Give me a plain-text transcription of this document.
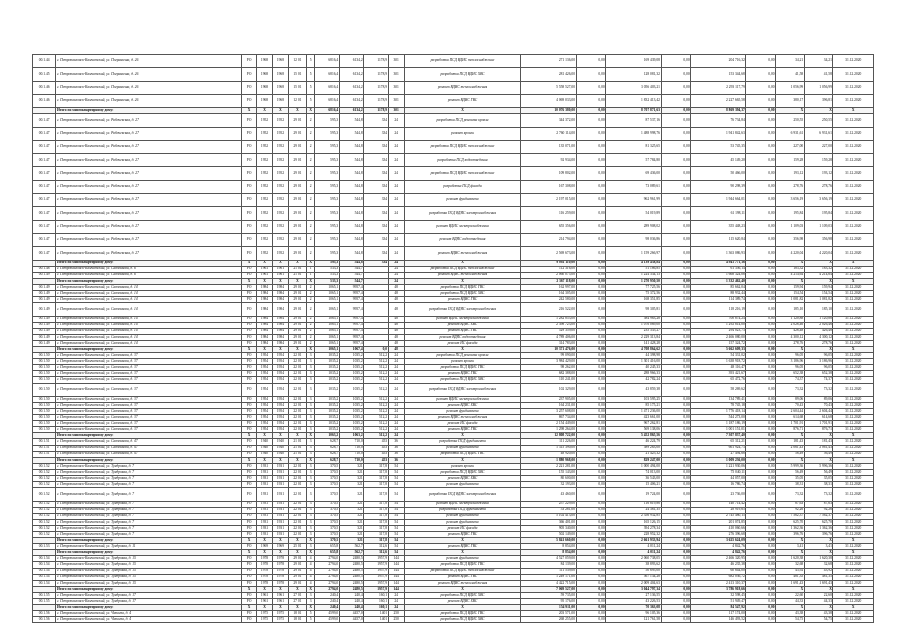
00.1.44	г. Петропавловск-Камчатский, ул. Погранична, д. 26	РО	1968	1968	12 01	5	6816,4	6134,2	1178,9	301	разработка ПСД ВДИС теплоснабжение	271 136,00	0,00	169 439,08	0,00	204 716,32	0,00	34,21	34,21	31.12.2020
00.1.45	г. Петропавловск-Камчатский, ул. Погранична, д. 26	РО	1968	1968	15 01	5	6816,4	6134,2	1178,9	301	разработка ПСД ВДИС ХВС	281 426,00	0,00	128 081,32	0,00	153 344,68	0,00	41,58	41,58	31.12.2020
00.1.46	г. Петропавловск-Камчатский, ул. Погранична, д. 26	РО	1968	1968	15 01	5	6816,4	6134,2	1178,9	301	ремонт ВДИС теплоснабжения	5 558 527,00	0,00	3 056 403,21	0,00	2 293 117,79	0,00	1 056,99	1 056,99	31.12.2020
00.1.46	г. Петропавловск-Камчатский, ул. Погранична, д. 26	РО	1968	1968	12 01	5	6816,4	6134,2	1178,9	301	ремонт ВДИС ГВС	4 069 033,00	0,00	1 832 413,42	0,00	2 227 665,58	0,00	380,17	396,81	31.12.2020
	Итого по многоквартирному дому:	Х	Х	Х	Х	Х	6816,4	6134,2	1178,9	301	Х	10 076 380,00	0,00	8 707 871,63	0,00	8 869 394,37	0,00	Х	Х	Х
00.1.47	г. Петропавловск-Камчатский, ул. Рабочевская, д. 27	РО	1952	1952	29 01	2	595,3	544,8	334	24	разработка ПСД ремонта кровли	344 372,00	0,00	87 537,16	0,00	76 734,84	0,00	250,55	250,55	31.12.2020
00.1.47	г. Петропавловск-Камчатский, ул. Рабочевская, д. 27	РО	1952	1952	29 01	2	595,3	544,8	334	24	ремонт кровли	2 760 114,00	0,00	1 488 998,76	0,00	1 941 842,63	0,00	6 931,61	6 931,61	31.12.2020
00.1.47	г. Петропавловск-Камчатский, ул. Рабочевская, д. 27	РО	1952	1952	29 01	2	595,3	544,8	334	24	разработка ПСД ВДИС теплоснабжение	135 071,00	0,00	81 325,65	0,00	53 745,35	0,00	227,00	227,00	31.12.2020
00.1.47	г. Петропавловск-Камчатский, ул. Рабочевская, д. 27	РО	1952	1952	29 01	2	595,3	544,8	334	24	разработка ПСД водоотведения	92 934,00	0,00	57 784,80	0,00	45 149,20	0,00	159,28	159,28	31.12.2020
00.1.47	г. Петропавловск-Камчатский, ул. Рабочевская, д. 27	РО	1952	1952	29 01	2	595,3	544,8	334	24	разработка ПСД ВДИС теплоснабжение	109 802,00	0,00	69 436,00	0,00	50 466,00	0,00	193,12	193,12	31.12.2020
00.1.47	г. Петропавловск-Камчатский, ул. Рабочевская, д. 27	РО	1952	1952	29 01	2	595,3	544,8	334	24	разработка ПСД фасада	167 308,00	0,00	73 089,61	0,00	90 298,39	0,00	278,76	278,76	31.12.2020
00.1.47	г. Петропавловск-Камчатский, ул. Рабочевская, д. 27	РО	1952	1952	29 01	2	595,3	544,8	334	24	ремонт фундамента	2 197 015,00	0,00	962 961,99	0,00	1 944 664,01	0,00	3 656,19	3 656,19	31.12.2020
00.1.47	г. Петропавловск-Камчатский, ул. Рабочевская, д. 27	РО	1952	1952	29 01	2	595,3	544,8	334	24	разработка ПСД ВДИС электроснабжения	116 259,00	0,00	54 019,89	0,00	61 198,11	0,00	195,84	195,84	31.12.2020
00.1.47	г. Петропавловск-Камчатский, ул. Рабочевская, д. 27	РО	1952	1952	29 01	2	595,3	544,8	334	24	ремонт ВДИС электроснабжения	655 356,00	0,00	289 908,02	0,00	355 448,23	0,00	1 109,03	1 109,03	31.12.2020
00.1.47	г. Петропавловск-Камчатский, ул. Рабочевская, д. 27	РО	1952	1952	29 01	2	595,3	544,8	334	24	ремонт ВДИС водоотведения	214 794,00	0,00	98 036,86	0,00	115 620,84	0,00	356,98	356,98	31.12.2020
00.1.47	г. Петропавловск-Камчатский, ул. Рабочевская, д. 27	РО	1952	1952	29 01	2	595,3	544,8	334	24	ремонт ВДИС теплоснабжения	2 569 673,00	0,00	1 159 266,97	0,00	1 363 086,93	0,00	4 220,04	4 220,04	31.12.2020
	Итого по многоквартирному дому:	Х	Х	Х	Х	Х	595,3	544,8	334	24	Х	9 081 110,00	0,00	4 139 438,84	0,00	4 941 771,16	0,00	Х	Х	Х
00.1.48	г. Петропавловск-Камчатский, ул. Савченкова, д. 6	РО	1961	1961	21 01	1	533,3	544,7		24	разработка ПСД ВДИС теплоснабжение	112 316,00	0,00	51 186,85	0,00	61 356,14	0,00	183,32	183,32	31.12.2020
00.1.49	г. Петропавловск-Камчатский, ул. Савченкова, д. 6	РО	1961	1961	21 01	1	533,3	544,7		24	ремонт ВДИС теплоснабжения	2 060 075,00	0,00	1 224 334,13	0,00	1 668 324,08	0,00	4 214,64	4 214,64	31.12.2020
	Итого по многоквартирному дому:	Х	Х	Х	Х	Х	533,3	544,7		24	Х	2 367 118,00	0,00	1 270 950,50	0,00	1 332 462,40	0,00	Х	Х	Х
00.1.49	г. Петропавловск-Камчатский, ул. Савченкова, д. 14	РО	1984	1984	29 01	2	1065,1	9957,4		48	разработка ПСД ВДИС ГВС	162 997,00	0,00	77 725,56	0,00	85 662,04	0,00	159,94	159,94	31.12.2020
00.1.49	г. Петропавловск-Камчатский, ул. Савченкова, д. 14	РО	1984	1984	29 01	2	1065,1	9957,4		48	разработка ПСД ВДИС ХВС	164 305,00	0,00	75 372,56	0,00	88 932,44	0,00	154,54	154,54	31.12.2020
00.1.49	г. Петропавловск-Камчатский, ул. Савченкова, д. 14	РО	1984	1984	29 01	2	1065,1	9957,4		48	ремонт ВДИС ГВС	242 580,00	0,00	168 351,85	0,00	114 389,74	0,00	1 081,82	1 081,82	31.12.2020
00.1.49	г. Петропавловск-Камчатский, ул. Савченкова, д. 14	РО	1984	1984	29 01	2	1065,1	9957,4		48	разработка ПСД ВДИС электроснабжения	216 522,00	0,00	98 305,81	0,00	118 216,19	0,00	185,10	185,10	31.12.2020
00.1.49	г. Петропавловск-Камчатский, ул. Савченкова, д. 14	РО	1984	1984	29 01	2	1065,1	9957,4		48	ремонт ВДИС электроснабжения	1 282 853,00	0,00	584 983,28	0,00	700 874,24	0,00	1 120,88	1 120,88	31.12.2020
00.1.49	г. Петропавловск-Камчатский, ул. Савченкова, д. 14	РО	1984	1984	29 01	2	1065,1	9957,4		48	ремонт ВДИС ХВС	2 398 723,00	0,00	1 076 069,00	0,00	1 292 814,00	0,00	2 026,46	2 026,46	31.12.2020
00.1.49	г. Петропавловск-Камчатский, ул. Савченкова, д. 14	РО	1984	1984	29 01	2	1065,1	9957,4		48	ремонт ВДИС ГВС	529 359,00	0,00	235 335,27	0,00	294 023,73	0,00	426,48	426,48	31.12.2020
00.1.49	г. Петропавловск-Камчатский, ул. Савченкова, д. 14	РО	1984	1984	29 01	2	1065,1	9957,4		48	ремонт ВДИС водоотведения	4 789 406,00	0,00	2 229 313,84	0,00	2 466 080,00	0,00	4 300,12	4 300,12	31.12.2020
00.1.49	г. Петропавловск-Камчатский, ул. Савченкова, д. 14	РО	1984	1984	29 01	2	1065,1	9957,4		48	ремонт ИС фасада	314 783,00	0,00	141 428,28	0,00	157 324,72	0,00	278,76	278,76	31.12.2020
	Итого по многоквартирному дому:	Х	Х	Х	Х	Х	1065,1	1067,4	0,0	48	Х	10 371 476,00	0,00	4 708 864,62	0,00	5 662 609,33	0,00	Х	Х	Х
00.1.50	г. Петропавловск-Камчатский, ул. Савченкова, д. 37	РО	1954	1954	22 01	3	1035,2	1035,2	512,2	24	разработка ПСД ремонта кровли	99 090,00	0,00	44 398,98	0,00	54 331,02	0,00	96,05	96,05	31.12.2020
00.1.50	г. Петропавловск-Камчатский, ул. Савченкова, д. 37	РО	1954	1954	22 01	3	1035,2	1035,2	512,2	24	ремонт кровли	3 984 429,00	0,00	1 301 416,00	0,00	1 638 918,72	0,00	3 186,96	3 186,96	31.12.2020
00.1.50	г. Петропавловск-Камчатский, ул. Савченкова, д. 37	РО	1954	1954	22 01	3	1035,2	1035,2	512,2	24	разработка ПСД ВДИС ГВС	98 262,00	0,00	40 245,33	0,00	48 116,47	0,00	96,05	96,05	31.12.2020
00.1.50	г. Петропавловск-Камчатский, ул. Савченкова, д. 37	РО	1954	1954	22 01	3	1035,2	1035,2	512,2	24	ремонт ВДИС ГВС	682 388,00	0,00	288 966,33	0,00	393 421,67	0,00	652,38	652,38	31.12.2020
00.1.50	г. Петропавловск-Камчатский, ул. Савченкова, д. 37	РО	1954	1954	22 01	3	1035,2	1035,2	512,2	24	разработка ПСД ВДИС ХВС	110 241,00	0,00	42 782,24	0,00	65 472,76	0,00	74,37	74,37	31.12.2020
00.1.50	г. Петропавловск-Камчатский, ул. Савченкова, д. 37	РО	1954	1954	22 01	3	1035,2	1035,2	512,2	24	разработка ПСД ВДИС электроснабжения	102 329,00	0,00	43 859,38	0,00	58 269,62	0,00	73,32	73,32	31.12.2020
00.1.50	г. Петропавловск-Камчатский, ул. Савченкова, д. 37	РО	1954	1954	22 01	3	1035,2	1035,2	512,2	24	ремонт ВДИС электроснабжения	237 905,00	0,00	103 595,25	0,00	134 789,41	0,00	89,06	89,06	31.12.2020
00.1.50	г. Петропавловск-Камчатский, ул. Савченкова, д. 37	РО	1954	1954	22 01	3	1035,2	1035,2	512,2	24	ремонт ВДИС ХВС	164 231,00	0,00	85 175,21	0,00	78 745,18	0,00	70,43	70,43	31.12.2020
00.1.50	г. Петропавловск-Камчатский, ул. Савченкова, д. 37	РО	1954	1954	22 01	3	1035,2	1035,2	512,2	24	ремонт фундамента	3 257 608,00	0,00	1 471 236,00	0,00	1 776 418,14	0,00	2 604,44	2 604,44	31.12.2020
00.1.50	г. Петропавловск-Камчатский, ул. Савченкова, д. 37	РО	1954	1954	22 01	3	1035,2	1035,2	512,2	24	ремонт ВДИС теплоснабжения	867 734,00	0,00	423 661,00	0,00	544 273,00	0,00	614,68	614,68	31.12.2020
00.1.50	г. Петропавловск-Камчатский, ул. Савченкова, д. 37	РО	1954	1954	22 01	3	1035,2	1035,2	512,2	24	ремонт ИС фасада	2 154 449,00	0,00	967 262,81	0,00	1 187 186,19	0,00	1 701,91	1 701,91	31.12.2020
00.1.50	г. Петропавловск-Камчатский, ул. Савченкова, д. 37	РО	1954	1954	22 01	3	1035,2	1035,2	512,2	24	ремонт ВДИС ГВС	1 298 264,00	0,00	569 138,06	0,00	1 001 151,01	0,00	876,71	876,71	31.12.2020
	Итого по многоквартирному дому:	Х	Х	Х	Х	Х	1063,2	1063,2	512,2	24	Х	12 808 722,00	0,00	5 452 865,56	0,00	7 307 837,40	0,00	Х	Х	Х
00.1.51	г. Петропавловск-Камчатский, ул. Савченкова, д. 47	РО	1940	1940	21 01	3	628,7	710,0	453	36	разработка ПСД фундамента	111 226,00	0,00	46 224,79	0,00	65 312,21	0,00	181,43	181,43	31.12.2020
00.1.51	г. Петропавловск-Камчатский, ул. Савченкова, д. 47	РО	1940	1940	21 01	3	628,7	710,0	453	36	ремонт фундамента	1 315 390,00	0,00	589 263,00	0,00	661 924,73	0,00	2 061,43	2 061,43	31.12.2020
00.1.51	г. Петропавловск-Камчатский, ул. Савченкова, д. 47	РО	1940	1940	21 01	3	628,7	710,0	453	36	разработка ПСД ВДИС ГВС	48 920,00	0,00	21 425,32	0,00	27 494,68	0,00	56,49	56,49	31.12.2020
	Итого по многоквартирному дому:	Х	Х	Х	Х	Х	628,7	710,0	453	36	Х	1 880 968,00	0,00	829 247,00	0,00	1 009 236,00	0,00	Х	Х	Х
00.1.52	г. Петропавловск-Камчатский, ул. Тундровая, д. 7	РО	1931	1931	22 01	3	370,5	321	317,8	54	ремонт кровли	2 221 281,00	0,00	1 000 494,00	0,00	1 221 930,06	0,00	5 999,36	5 996,36	31.12.2020
00.1.52	г. Петропавловск-Камчатский, ул. Тундровая, д. 7	РО	1931	1931	22 01	3	370,5	321	317,8	54	разработка ПСД ВДИС ХВС	155 143,00	0,00	74 013,00	0,00	75 040,11	0,00	56,49	56,49	31.12.2020
00.1.52	г. Петропавловск-Камчатский, ул. Тундровая, д. 7	РО	1931	1931	22 01	3	370,5	321	317,8	54	ремонт ВДИС ХВС	80 600,00	0,00	36 543,00	0,00	44 057,00	0,00	35,05	35,05	31.12.2020
00.1.52	г. Петропавловск-Камчатский, ул. Тундровая, д. 7	РО	1931	1931	22 01	3	370,5	321	317,8	54	ремонт фундамента	32 193,00	0,00	15 406,21	0,00	16 786,74	0,00	38,31	38,31	31.12.2020
00.1.52	г. Петропавловск-Камчатский, ул. Тундровая, д. 7	РО	1931	1931	22 01	3	370,5	321	317,8	54	разработка ПСД ВДИС электроснабжения	43 460,00	0,00	19 724,00	0,00	23 736,00	0,00	73,32	73,32	31.12.2020
00.1.52	г. Петропавловск-Камчатский, ул. Тундровая, д. 7	РО	1931	1931	22 01	3	370,5	321	317,8	54	ремонт ВДИС электроснабжения	257 229,00	0,00	116 819,86	0,00	140 714,42	0,00	87,63	87,63	31.12.2020
00.1.52	г. Петропавловск-Камчатский, ул. Тундровая, д. 7	РО	1931	1931	22 01	3	370,5	321	317,8	54	разработка ПСД фундамента	53 281,00	0,00	24 361,35	0,00	28 919,65	0,00	92,26	92,26	31.12.2020
00.1.52	г. Петропавловск-Камчатский, ул. Тундровая, д. 7	РО	1931	1931	22 01	3	370,5	321	317,8	54	ремонт фундамента	5 102 413,00	0,00	2 356 932,85	0,00	2 745 480,15	0,00	7 562,37	7 562,37	31.12.2020
00.1.52	г. Петропавловск-Камчатский, ул. Тундровая, д. 7	РО	1931	1931	22 01	3	370,5	321	317,8	54	ремонт фундамента	366 401,00	0,00	165 126,15	0,00	201 074,85	0,00	625,70	625,70	31.12.2020
00.1.52	г. Петропавловск-Камчатский, ул. Тундровая, д. 7	РО	1931	1931	22 01	3	370,5	321	317,8	54	ремонт ИС фасада	905 340,00	0,00	394 278,34	0,00	410 060,66	0,00	1 362,36	1 362,36	31.12.2020
00.1.52	г. Петропавловск-Камчатский, ул. Тундровая, д. 7	РО	1931	1931	22 01	3	370,5	321	317,8	54	ремонт ВДИС ГВС	502 149,00	0,00	228 952,32	0,00	276 396,68	0,00	396,76	396,76	31.12.2020
	Итого по многоквартирному дому:	Х	Х	Х	Х	Х	370,5	321	317,8	54	Х	5 841 660,00	0,00	2 661 933,94	0,00	3 625 624,09	0,00	Х	Х	Х
00.1.53	г. Петропавловск-Камчатский, ул. Тундровая, д. 11	РО	1969	1969	25 01	3	655,8	562,7	312,6	54	ремонт ВДИС ГВС	8 854,00	0,00	4 011,24	0,00	4 842,76	0,00	3,41	3,41	31.12.2020
	Итого по многоквартирному дому:	Х	Х	Х	Х	Х	655,8	562,7	312,6	54	Х	8 854,00	0,00	4 011,24	0,00	4 842,76	0,00	Х	Х	Х
00.1.54	г. Петропавловск-Камчатский, ул. Тундровая, д. 15	РО	1978	1978	29 01	4	2794,0	2480,5	1957,9	144	ремонт фундамента	4 527 059,00	0,00	2 060 738,05	0,00	2 466 320,95	0,00	1 620,38	1 620,38	31.12.2020
00.1.54	г. Петропавловск-Камчатский, ул. Тундровая, д. 15	РО	1978	1978	29 01	4	2794,0	2480,5	1957,9	144	разработка ПСД ВДИС ГВС	84 139,00	0,00	38 893,62	0,00	46 235,38	0,00	32,68	32,68	31.12.2020
00.1.54	г. Петропавловск-Камчатский, ул. Тундровая, д. 15	РО	1978	1978	29 01	4	2794,0	2480,5	1957,9	144	разработка ПСД ВДИС теплоснабжение	111 539,00	0,00	50 695,00	0,00	60 844,00	0,00	43,92	43,92	31.12.2020
00.1.54	г. Петропавловск-Камчатский, ул. Тундровая, д. 15	РО	1978	1978	29 01	4	2794,0	2480,5	1957,9	144	ремонт ВДИС ГВС	1 249 171,00	0,00	567 134,28	0,00	682 036,72	0,00	481,35	481,35	31.12.2020
00.1.54	г. Петропавловск-Камчатский, ул. Тундровая, д. 15	РО	1978	1978	29 01	4	2794,0	2480,5	1957,9	144	ремонт ВДИС теплоснабжения	4 422 715,00	0,00	2 009 404,63	0,00	2 413 310,37	0,00	1 691,43	1 691,43	31.12.2020
	Итого по многоквартирному дому:	Х	Х	Х	Х	Х	2794,0	2480,5	1957,9	144	Х	7 069 527,00	0,00	3 044 797,34	0,00	3 786 918,66	0,00	Х	Х	Х
00.1.55	г. Петропавловск-Камчатский, ул. Тундровая, д. 17	РО	1961	1961	27 01	3	240,4	240,4	160,1	24	разработка ПСД ВДИС ХВС	59 735,00	0,00	27 136,55	0,00	32 598,45	0,00	22,60	22,60	31.12.2020
00.1.55	г. Петропавловск-Камчатский, ул. Тундровая, д. 17	РО	1961	1961	27 01	3	240,4	240,4	160,1	24	ремонт ВДИС ХВС	95 176,00	0,00	43 226,53	0,00	51 949,47	0,00	44,33	44,33	31.12.2020
	Итого по многоквартирному дому:	Х	Х	Х	Х	Х	240,4	240,4	160,1	24	Х	154 911,00	0,00	70 363,08	0,00	84 547,92	0,00	Х	Х	Х
00.1.56	г. Петропавловск-Камчатский, ул. Чапаева, д. 4	РО	1975	1975	18 01	5	4599,0	4457,0	1401	250	разработка ПСД ВДИС ГВС	203 571,00	0,00	96 105,36	0,00	117 174,00	0,00	43,38	43,38	31.12.2020
00.1.56	г. Петропавловск-Камчатский, ул. Чапаева, д. 4	РО	1975	1975	18 01	5	4599,0	4457,0	1401	250	разработка ПСД ВДИС ХВС	268 255,00	0,00	121 761,58	0,00	146 493,52	0,00	54,75	54,75	31.12.2020
